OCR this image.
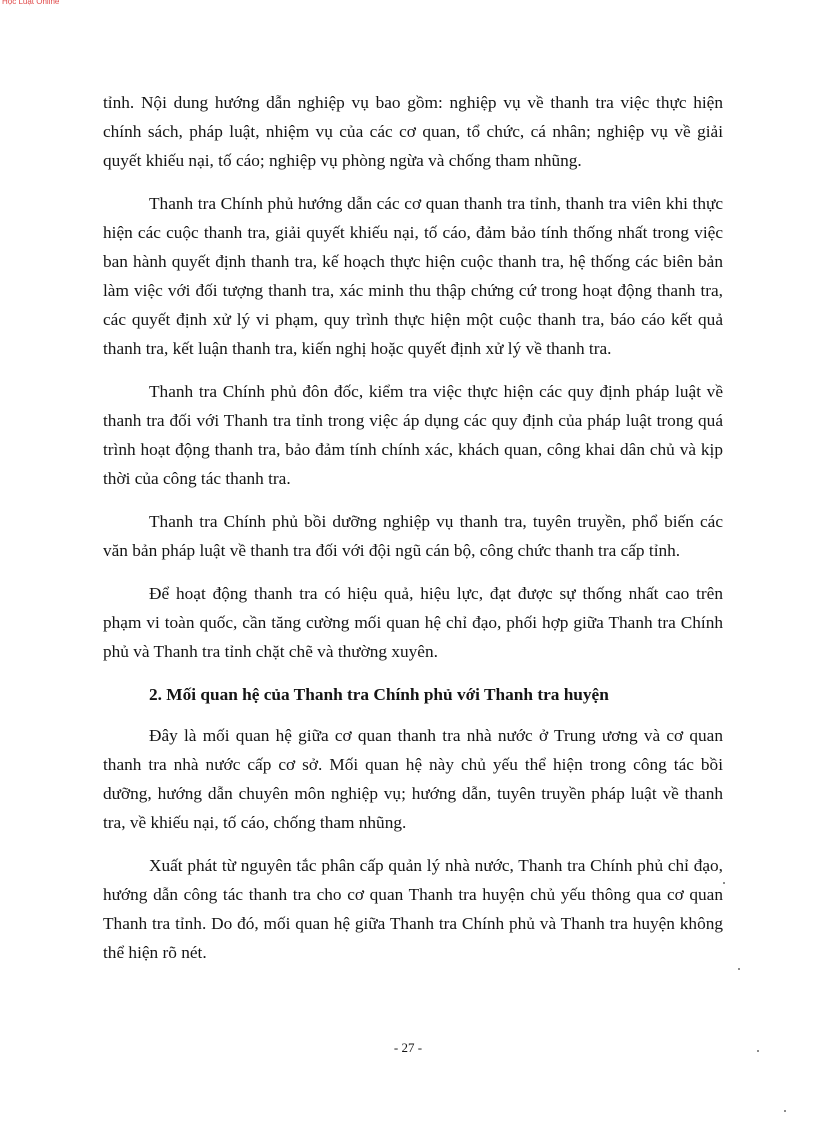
Học Luật Online

tỉnh. Nội dung hướng dẫn nghiệp vụ bao gồm: nghiệp vụ về thanh tra việc thực hiện chính sách, pháp luật, nhiệm vụ của các cơ quan, tổ chức, cá nhân; nghiệp vụ về giải quyết khiếu nại, tố cáo; nghiệp vụ phòng ngừa và chống tham nhũng.

Thanh tra Chính phủ hướng dẫn các cơ quan thanh tra tỉnh, thanh tra viên khi thực hiện các cuộc thanh tra, giải quyết khiếu nại, tố cáo, đảm bảo tính thống nhất trong việc ban hành quyết định thanh tra, kế hoạch thực hiện cuộc thanh tra, hệ thống các biên bản làm việc với đối tượng thanh tra, xác minh thu thập chứng cứ trong hoạt động thanh tra, các quyết định xử lý vi phạm, quy trình thực hiện một cuộc thanh tra, báo cáo kết quả thanh tra, kết luận thanh tra, kiến nghị hoặc quyết định xử lý về thanh tra.

Thanh tra Chính phủ đôn đốc, kiểm tra việc thực hiện các quy định pháp luật về thanh tra đối với Thanh tra tỉnh trong việc áp dụng các quy định của pháp luật trong quá trình hoạt động thanh tra, bảo đảm tính chính xác, khách quan, công khai dân chủ và kịp thời của công tác thanh tra.

Thanh tra Chính phủ bồi dưỡng nghiệp vụ thanh tra, tuyên truyền, phổ biến các văn bản pháp luật về thanh tra đối với đội ngũ cán bộ, công chức thanh tra cấp tỉnh.

Để hoạt động thanh tra có hiệu quả, hiệu lực, đạt được sự thống nhất cao trên phạm vi toàn quốc, cần tăng cường mối quan hệ chỉ đạo, phối hợp giữa Thanh tra Chính phủ và Thanh tra tỉnh chặt chẽ và thường xuyên.

2. Mối quan hệ của Thanh tra Chính phủ với Thanh tra huyện

Đây là mối quan hệ giữa cơ quan thanh tra nhà nước ở Trung ương và cơ quan thanh tra nhà nước cấp cơ sở. Mối quan hệ này chủ yếu thể hiện trong công tác bồi dưỡng, hướng dẫn chuyên môn nghiệp vụ; hướng dẫn, tuyên truyền pháp luật về thanh tra, về khiếu nại, tố cáo, chống tham nhũng.

Xuất phát từ nguyên tắc phân cấp quản lý nhà nước, Thanh tra Chính phủ chỉ đạo, hướng dẫn công tác thanh tra cho cơ quan Thanh tra huyện chủ yếu thông qua cơ quan Thanh tra tỉnh. Do đó, mối quan hệ giữa Thanh tra Chính phủ và Thanh tra huyện không thể hiện rõ nét.

- 27 -
